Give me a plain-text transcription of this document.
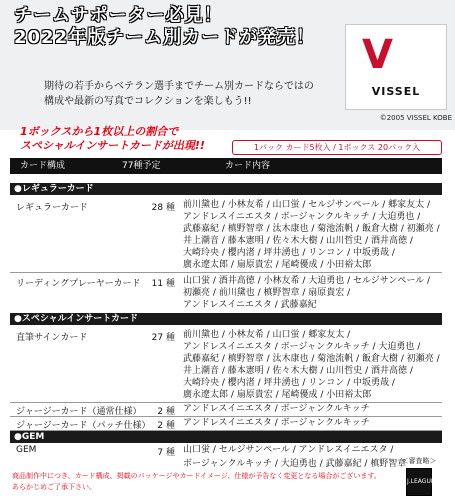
チームサポーター必見！
2022年版チーム別カードが発売！
期待の若手からベテラン選手までチーム別カードならではの
構成や最新の写真でコレクションを楽しもう!!
V
VISSEL
©2005 VISSEL KOBE
1ボックスから1枚以上の割合で
スペシャルインサートカードが出現!!	1パック カード5枚入 / 1ボックス 20パック入
カード構成	77種予定	カード内容
●レギュラーカード
レギュラーカード	28 種 前川黛也 / 小林友希 / 山口蛍 / セルジサンペール / 郷家友太 /
アンドレスイニエスタ / ボージャンクルキッチ / 大迫勇也 /
武藤嘉紀 / 槙野智章 / 汰木康也 / 菊池流帆 / 飯倉大樹 / 初瀬亮 /
井上潮音 / 藤本憲明 / 佐々木大樹 / 山川哲史 / 酒井高徳 /
大崎玲央 / 櫻内渚 / 坪井湧也 / リンコン / 中坂勇哉 /
廣永遼太郎 / 扇原貴宏 / 尾崎優成 / 小田裕太郎
リーディングプレーヤーカード	11 種 山口蛍 / 酒井高徳 / 小林友希 / 大迫勇也 / セルジサンペール /
初瀬亮 / 前川黛也 / 槙野智章 / 扇原貴宏 /
アンドレスイニエスタ / 武藤嘉紀
●スペシャルインサートカード
直筆サインカード	27 種 前川黛也 / 小林友希 / 山口蛍 / 郷家友太 /
アンドレスイニエスタ / ボージャンクルキッチ / 大迫勇也 /
武藤嘉紀 / 槙野智章 / 汰木康也 / 菊池流帆 / 飯倉大樹 / 初瀬亮 /
井上潮音 / 藤本憲明 / 佐々木大樹 / 山川哲史 / 酒井高徳 /
大崎玲央 / 櫻内渚 / 坪井湧也 / リンコン / 中坂勇哉 /
廣永遼太郎 / 扇原貴宏 / 尾崎優成 / 小田裕太郎
ジャージーカード（通常仕様）	2 種 アンドレスイニエスタ / ボージャンクルキッチ
ジャージーカード（パッチ仕様） 2 種 アンドレスイニエスタ / ボージャンクルキッチ
●GEM
GEM	7 種 山口蛍 / セルジサンペール / アンドレスイニエスタ /
ボージャンクルキッチ / 大迫勇也 / 武藤嘉紀 / 槙野智章
商品制作中につき、カード構成、掲載のパッケージやカードイメージ、仕様が予告なく変更となる場合がございます。
あらかじめご了承下さい。
＜審査略＞
J.LEAGUE
